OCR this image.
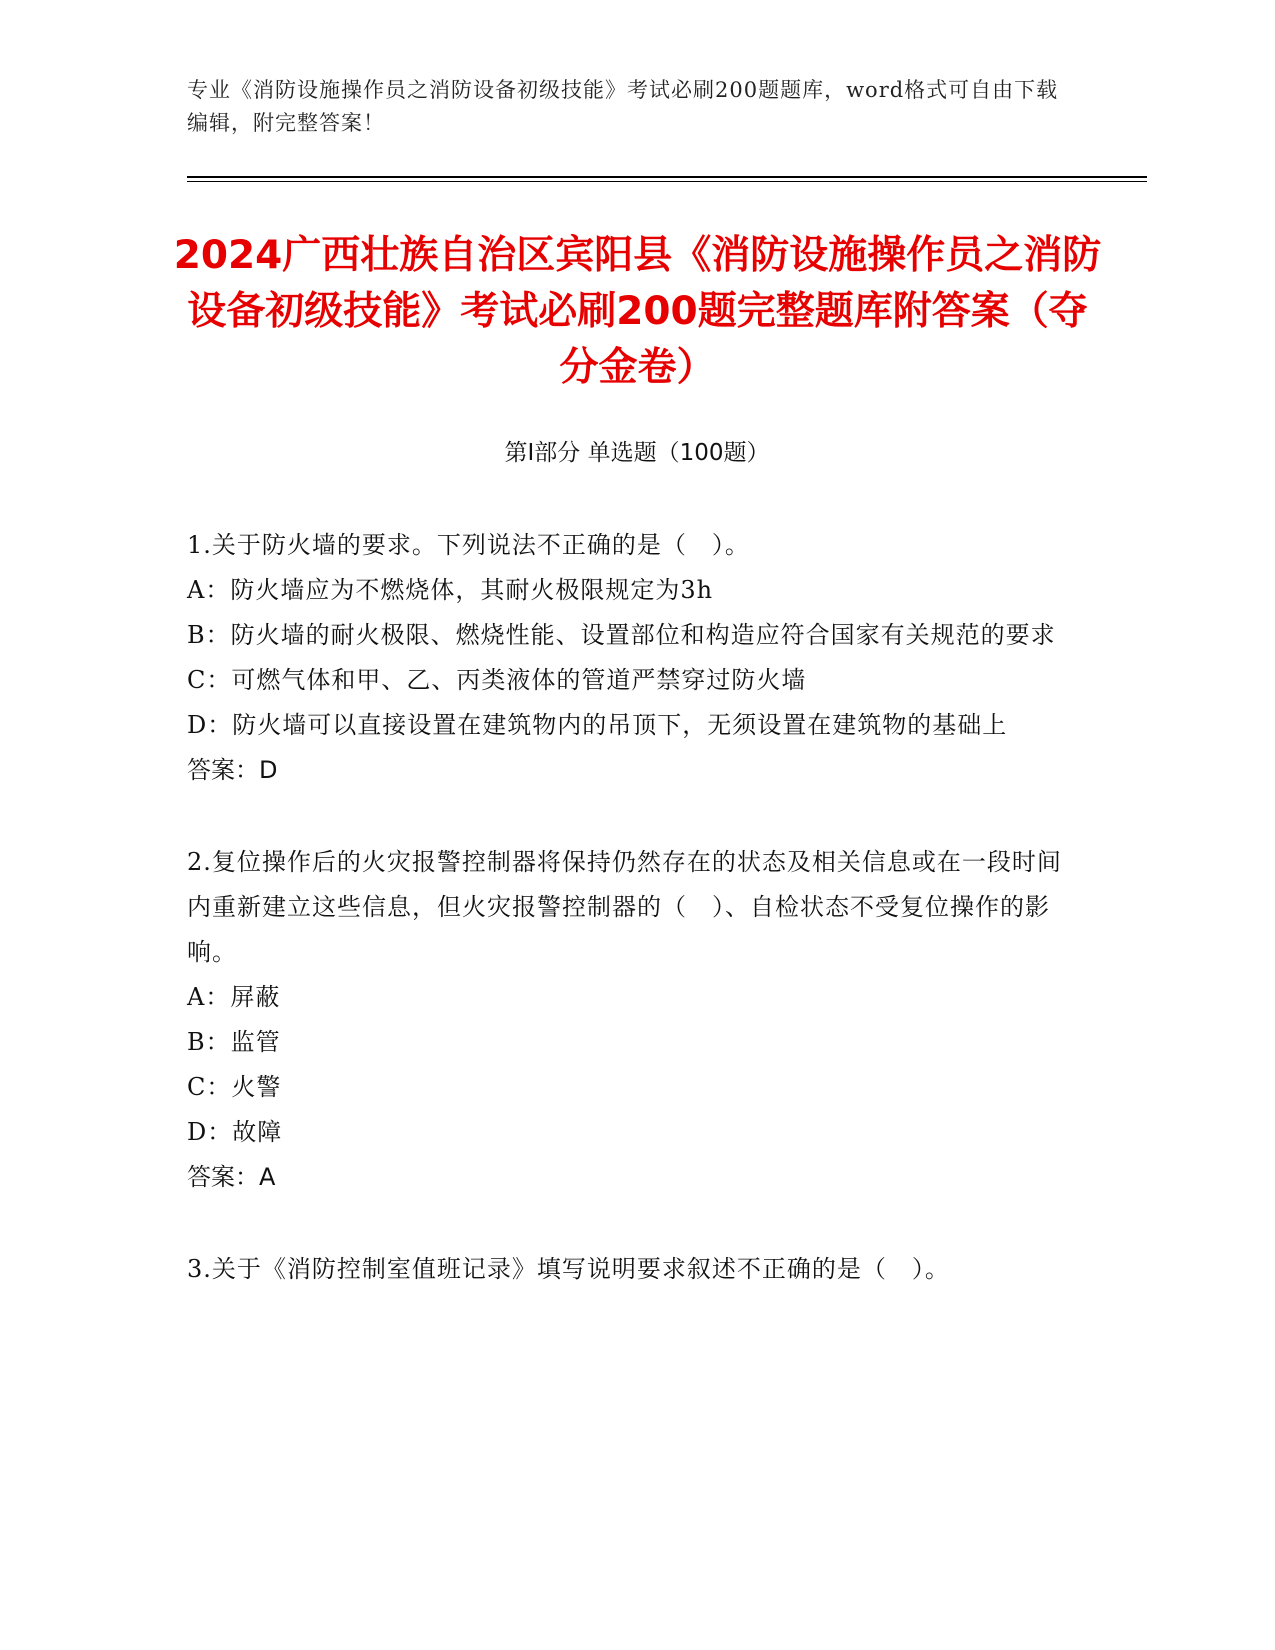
专业《消防设施操作员之消防设备初级技能》考试必刷200题题库，word格式可自由下载编辑，附完整答案！
2024广西壮族自治区宾阳县《消防设施操作员之消防设备初级技能》考试必刷200题完整题库附答案（夺分金卷）
第Ⅰ部分 单选题（100题）

1.关于防火墙的要求。下列说法不正确的是（　）。

A：防火墙应为不燃烧体，其耐火极限规定为3h

B：防火墙的耐火极限、燃烧性能、设置部位和构造应符合国家有关规范的要求

C：可燃气体和甲、乙、丙类液体的管道严禁穿过防火墙

D：防火墙可以直接设置在建筑物内的吊顶下，无须设置在建筑物的基础上

答案：D

2.复位操作后的火灾报警控制器将保持仍然存在的状态及相关信息或在一段时间内重新建立这些信息，但火灾报警控制器的（　）、自检状态不受复位操作的影响。

A：屏蔽

B：监管

C：火警

D：故障

答案：A

3.关于《消防控制室值班记录》填写说明要求叙述不正确的是（　）。
